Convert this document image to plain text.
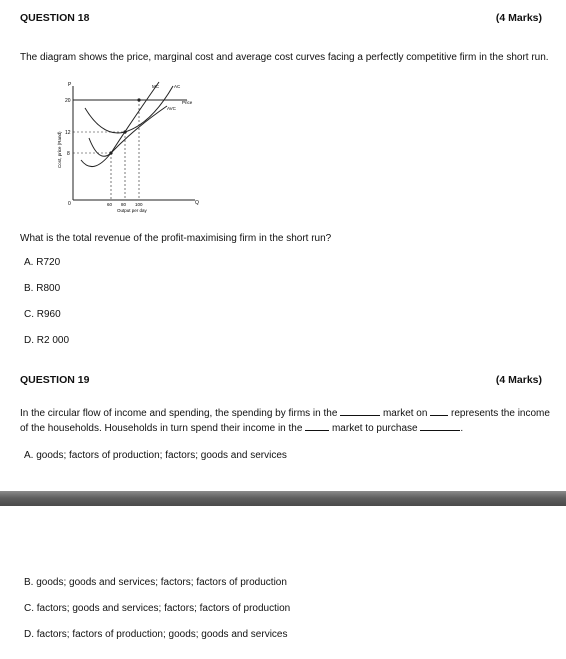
QUESTION 18	(4 Marks)
The diagram shows the price, marginal cost and average cost curves facing a perfectly competitive firm in the short run.
P
0	Q
Cost, price (Rand)
Output per day
20
12
8
60 80 100
Price
AC
AVC
MC
What is the total revenue of the profit-maximising firm in the short run?
A. R720
B. R800
C. R960
D. R2 000
QUESTION 19	(4 Marks)
In the circular flow of income and spending, the spending by firms in the	market on represents the income
of the households. Households in turn spend their income in the	market to purchase	.
A. goods; factors of production; factors; goods and services
B. goods; goods and services; factors; factors of production
C. factors; goods and services; factors; factors of production
D. factors; factors of production; goods; goods and services
